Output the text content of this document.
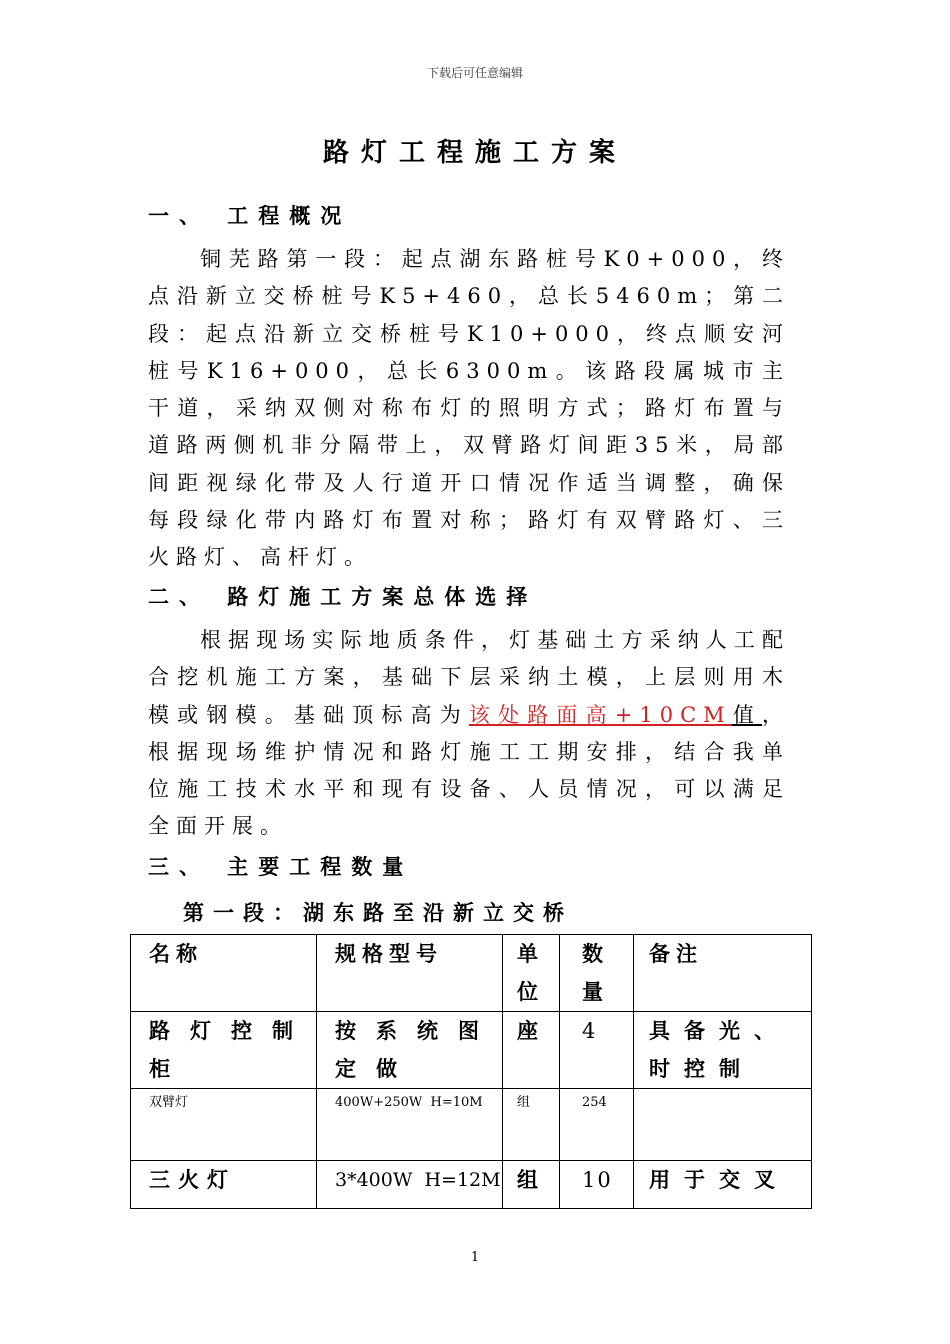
下载后可任意编辑
路灯工程施工方案
一、 工程概况

铜芜路第一段：起点湖东路桩号K0+000，终点沿新立交桥桩号K5+460，总长5460m；第二段：起点沿新立交桥桩号K10+000，终点顺安河桩号K16+000，总长6300m。该路段属城市主干道，采纳双侧对称布灯的照明方式；路灯布置与道路两侧机非分隔带上，双臂路灯间距35米，局部间距视绿化带及人行道开口情况作适当调整，确保每段绿化带内路灯布置对称；路灯有双臂路灯、三火路灯、高杆灯。

二、 路灯施工方案总体选择

根据现场实际地质条件，灯基础土方采纳人工配合挖机施工方案，基础下层采纳土模，上层则用木模或钢模。基础顶标高为该处路面高+10CM值，根据现场维护情况和路灯施工工期安排，结合我单位施工技术水平和现有设备、人员情况，可以满足全面开展。

三、 主要工程数量
第一段：湖东路至沿新立交桥
名称	规格型号	单位	数量	备注
路灯控制柜	按系统图定做	座	4	具备光、时控制
双臂灯	400W+250W  H=10M	组	254	
三火灯	3*400W  H=12M	组	10	用于交叉
1
